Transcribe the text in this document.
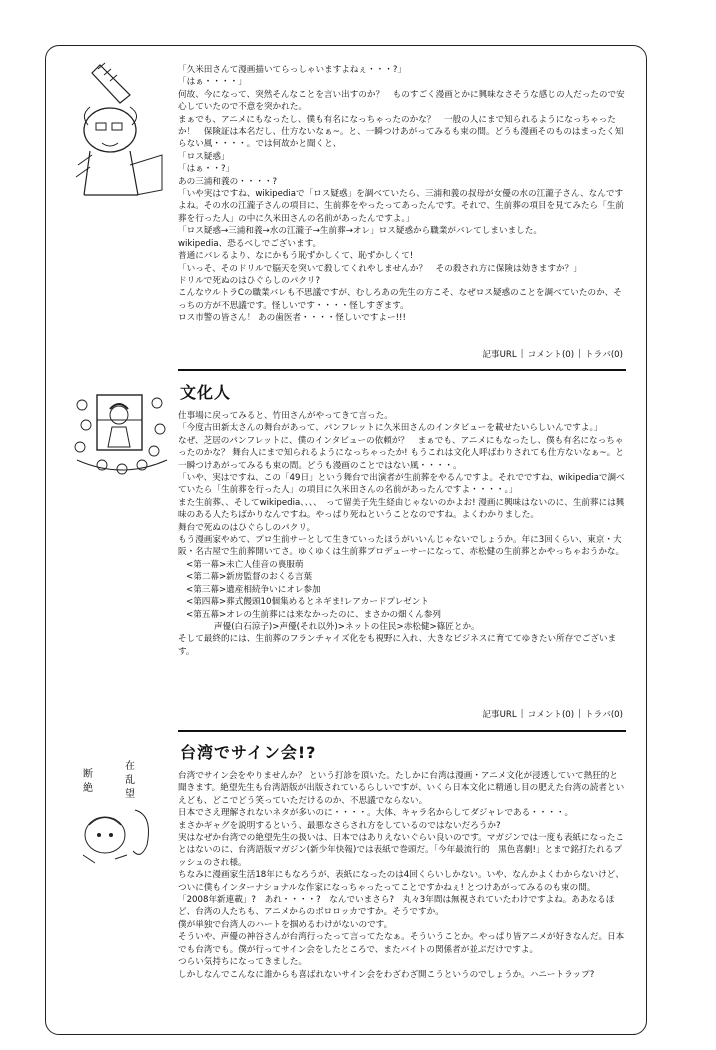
断
絶
在
乱
望

「久米田さんて漫画描いてらっしゃいますよねぇ・・・?」

「はぁ・・・・」

何故、今になって、突然そんなことを言い出すのか？　ものすごく漫画とかに興味なさそうな感じの人だったので安心していたので不意を突かれた。

まぁでも、アニメにもなったし、僕も有名になっちゃったのかな？　一般の人にまで知られるようになっちゃったか！　保険証は本名だし、仕方ないなぁ~。と、一瞬つけあがってみるも束の間。どうも漫画そのものはまったく知らない風・・・・。では何故かと聞くと、

「ロス疑惑」

「はぁ・・?」

あの三浦和義の・・・・?

「いや実はですね、wikipediaで「ロス疑惑」を調べていたら、三浦和義の叔母が女優の水の江瀧子さん、なんですよね。その水の江瀧子さんの項目に、生前葬をやったってあったんです。それで、生前葬の項目を見てみたら「生前葬を行った人」の中に久米田さんの名前があったんですよ。」

「ロス疑惑→三浦和義→水の江瀧子→生前葬→オレ」ロス疑惑から職業がバレてしまいました。

wikipedia、恐るべしでございます。

普通にバレるより、なにかもう恥ずかしくて、恥ずかしくて!

「いっそ、そのドリルで脳天を突いて殺してくれやしませんか？　その殺され方に保険は効きますか？」

ドリルで死ぬのはひぐらしのパクリ?

こんなウルトラCの職業バレも不思議ですが、むしろあの先生の方こそ、なぜロス疑惑のことを調べていたのか、そっちの方が不思議です。怪しいです・・・・怪しすぎます。

ロス市警の皆さん！ あの歯医者・・・・怪しいですよー!!!

記事URL | コメント(0) | トラバ(0)
文化人

仕事場に戻ってみると、竹田さんがやってきて言った。

「今度古田新太さんの舞台があって、パンフレットに久米田さんのインタビューを載せたいらしいんですよ。」

なぜ、芝居のパンフレットに、僕のインタビューの依頼が？　まぁでも、アニメにもなったし、僕も有名になっちゃったのかな？ 舞台人にまで知られるようになっちゃったか! もうこれは文化人呼ばわりされても仕方ないなぁ~。と一瞬つけあがってみるも束の間。どうも漫画のことではない風・・・・。

「いや、実はですね、この「49日」という舞台で出演者が生前葬をやるんですよ。それでですね、wikipediaで調べていたら「生前葬を行った人」の項目に久米田さんの名前があったんですよ・・・・。」

また生前葬、、そしてwikipedia、、、、　って留美子先生経由じゃないのかよお! 漫画に興味はないのに、生前葬には興味のある人たちばかりなんですね。やっぱり死ねということなのですね。よくわかりました。

舞台で死ぬのはひぐらしのパクリ。

もう漫画家やめて、プロ生前サーとして生きていったほうがいいんじゃないでしょうか。年に3回くらい、東京・大阪・名古屋で生前葬開いてさ。ゆくゆくは生前葬プロデューサーになって、赤松健の生前葬とかやっちゃおうかな。

<第一幕>未亡人佳音の喪服萌

<第二幕>新房監督のおくる言葉

<第三幕>遺産相続争いにオレ参加

<第四幕>葬式饅頭10個集めるとネギま!レアカードプレゼント

<第五幕>オレの生前葬には来なかったのに、まさかの畑くん参列

声優(白石涼子)>声優(それ以外)>ネットの住民>赤松健>篠匠とか。

そして最終的には、生前葬のフランチャイズ化をも視野に入れ、大きなビジネスに育ててゆきたい所存でございます。

記事URL | コメント(0) | トラバ(0)
台湾でサイン会!?

台湾でサイン会をやりませんか？ という打診を頂いた。たしかに台湾は漫画・アニメ文化が浸透していて熱狂的と聞きます。絶望先生も台湾語版が出版されているらしいですが、いくら日本文化に精通し目の肥えた台湾の読者といえども、どこでどう笑っていただけるのか、不思議でならない。

日本でさえ理解されないネタが多いのに・・・・。大体、キャラ名からしてダジャレである・・・・。

まさかギャグを説明するという、最悪なさらされ方をしているのではないだろうか?

実はなぜか台湾での絶望先生の扱いは、日本ではありえないぐらい良いのです。マガジンでは一度も表紙になったことはないのに、台湾語版マガジン(新少年快報)では表紙で巻頭だ。「今年最流行的　黒色喜劇!」とまで銘打たれるプッシュのされ様。

ちなみに漫画家生活18年にもなろうが、表紙になったのは4回くらいしかない。いや、なんかよくわからないけど、ついに僕もインターナショナルな作家になっちゃったってことですかねぇ! とつけあがってみるのも束の間。

「2008年新連載」?　あれ・・・・?　なんでいまさら?　丸々3年間は無視されていたわけですよね。ああなるほど、台湾の人たちも、アニメからのボロロッカですか。そうですか。

僕が単独で台湾人のハートを掴めるわけがないのです。

そういや、声優の神谷さんが台湾行ったって言ってたなぁ。そういうことか。やっぱり皆アニメが好きなんだ。日本でも台湾でも。僕が行ってサイン会をしたところで、またバイトの関係者が並ぶだけですよ。

つらい気持ちになってきました。

しかしなんでこんなに誰からも喜ばれないサイン会をわざわざ開こうというのでしょうか。ハニートラップ?
